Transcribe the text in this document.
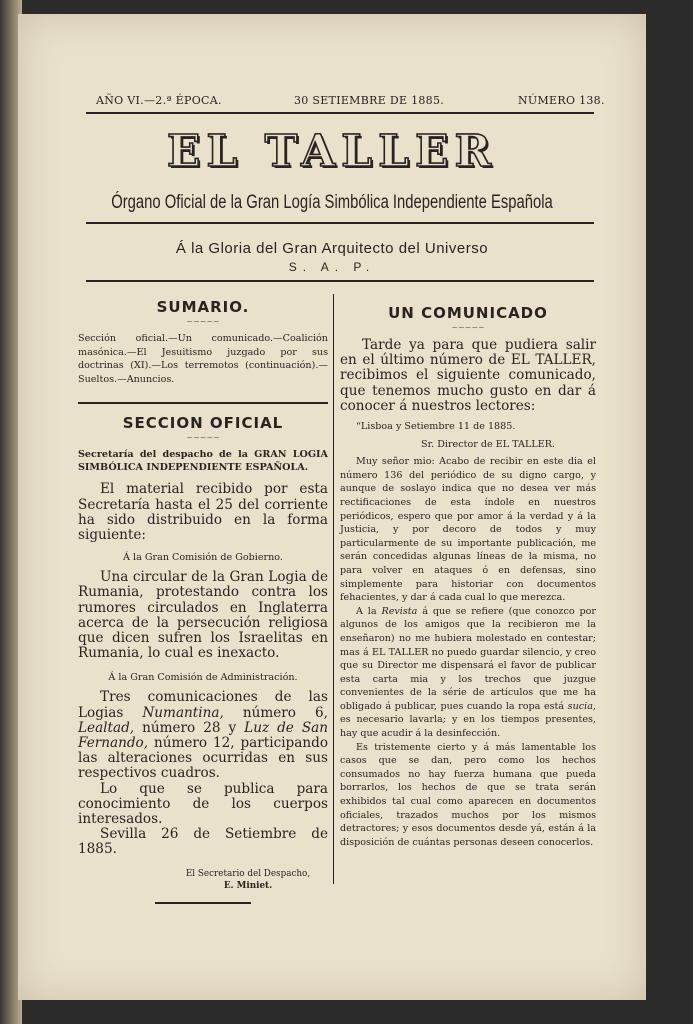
AÑO VI.—2.ª ÉPOCA.	30 SETIEMBRE DE 1885.	NÚMERO 138.
EL TALLER
Órgano Oficial de la Gran Logía Simbólica Independiente Española
Á la Gloria del Gran Arquitecto del Universo
S. A. P.
SUMARIO.
~~~~~

Sección oficial.—Un comunicado.—Coalición masónica.—El Jesuitismo juzgado por sus doctrinas (XI).—Los terremotos (continuación).—Sueltos.—Anuncios.

SECCION OFICIAL
~~~~~

Secretaría del despacho de la GRAN LOGIA SIMBÓLICA INDEPENDIENTE ESPAÑOLA.

El material recibido por esta Secretaría hasta el 25 del corriente ha sido distribuido en la forma siguiente:

Á la Gran Comisión de Gobierno.

Una circular de la Gran Logia de Rumania, protestando contra los rumores circulados en Inglaterra acerca de la persecución religiosa que dicen sufren los Israelitas en Rumania, lo cual es inexacto.

Á la Gran Comisión de Administración.

Tres comunicaciones de las Logias Numantina, número 6, Lealtad, número 28 y Luz de San Fernando, número 12, participando las alteraciones ocurridas en sus respectivos cuadros.

Lo que se publica para conocimiento de los cuerpos interesados.

Sevilla 26 de Setiembre de 1885.

El Secretario del Despacho,

E. Miniet.

UN COMUNICADO
~~~~~

Tarde ya para que pudiera salir en el último número de EL TALLER, recibimos el siguiente comunicado, que tenemos mucho gusto en dar á conocer á nuestros lectores:

“Lisboa y Setiembre 11 de 1885.

Sr. Director de EL TALLER.

Muy señor mio: Acabo de recibir en este dia el número 136 del periódico de su digno cargo, y aunque de soslayo indica que no desea ver más rectificaciones de esta índole en nuestros periódicos, espero que por amor á la verdad y á la Justicia, y por decoro de todos y muy particularmente de su importante publicación, me serán concedidas algunas líneas de la misma, no para volver en ataques ó en defensas, sino simplemente para historiar con documentos fehacientes, y dar á cada cual lo que merezca.

A la Revista á que se refiere (que conozco por algunos de los amigos que la recibieron me la enseñaron) no me hubiera molestado en contestar; mas á EL TALLER no puedo guardar silencio, y creo que su Director me dispensará el favor de publicar esta carta mia y los trechos que juzgue convenientes de la série de artículos que me ha obligado á publicar, pues cuando la ropa está sucia, es necesario lavarla; y en los tiempos presentes, hay que acudir á la desinfección.

Es tristemente cierto y á más lamentable los casos que se dan, pero como los hechos consumados no hay fuerza humana que pueda borrarlos, los hechos de que se trata serán exhibidos tal cual como aparecen en documentos oficiales, trazados muchos por los mismos detractores; y esos documentos desde yá, están á la disposición de cuántas personas deseen conocerlos.
